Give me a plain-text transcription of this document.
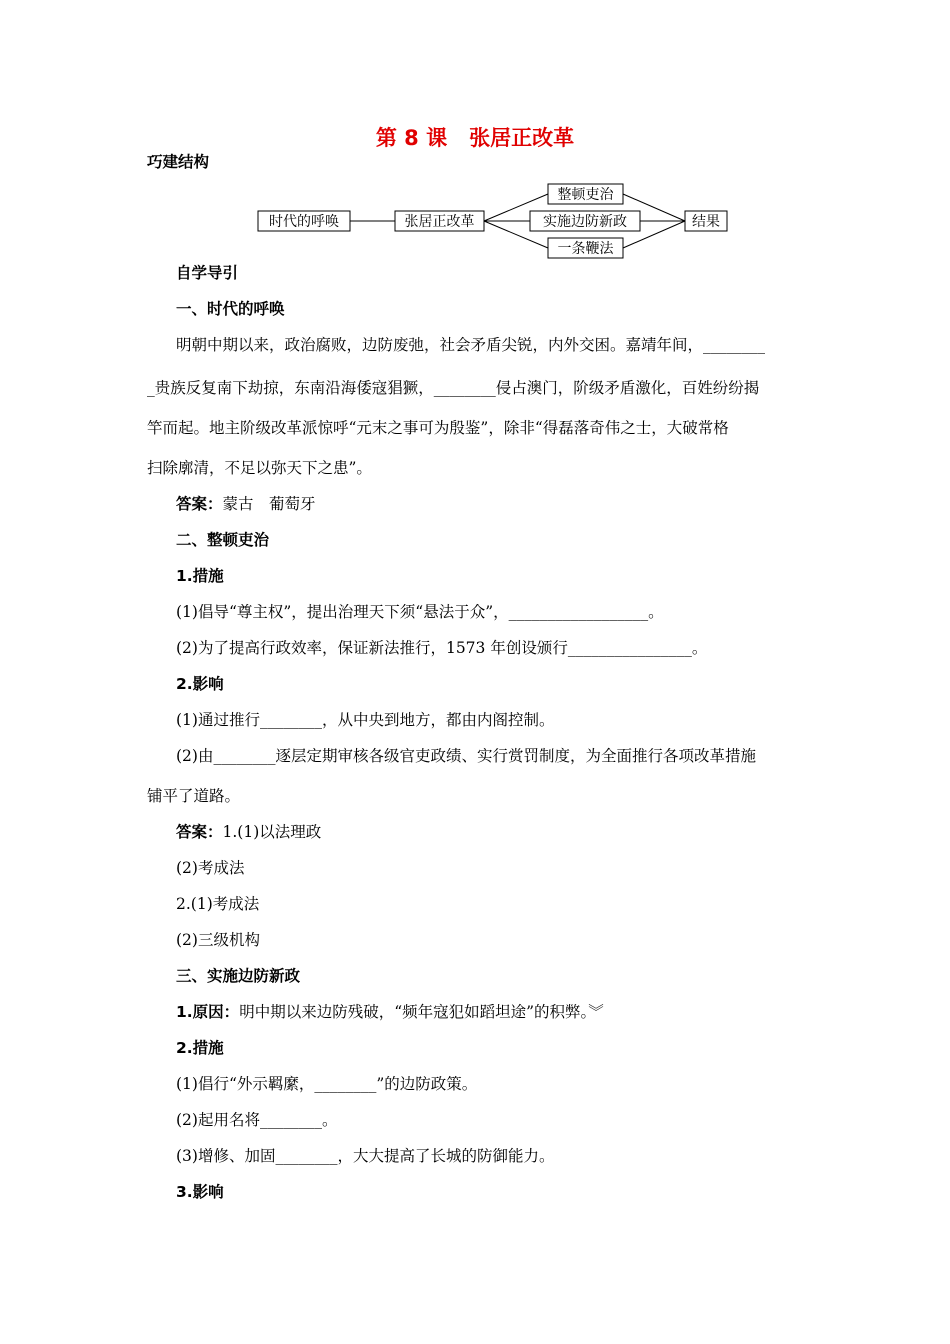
第 8 课 张居正改革
巧建结构
时代的呼唤	张居正改革
整顿吏治
实施边防新政
一条鞭法
结果
自学导引
一、时代的呼唤
明朝中期以来，政治腐败，边防废弛，社会矛盾尖锐，内外交困。嘉靖年间，________
_贵族反复南下劫掠，东南沿海倭寇猖獗，________侵占澳门，阶级矛盾激化，百姓纷纷揭
竿而起。地主阶级改革派惊呼“元末之事可为殷鉴”，除非“得磊落奇伟之士，大破常格
扫除廓清，不足以弥天下之患”。
答案：蒙古　葡萄牙
二、整顿吏治
1.措施
(1)倡导“尊主权”，提出治理天下须“悬法于众”，__________________。
(2)为了提高行政效率，保证新法推行，1573 年创设颁行________________。
2.影响
(1)通过推行________，从中央到地方，都由内阁控制。
(2)由________逐层定期审核各级官吏政绩、实行赏罚制度，为全面推行各项改革措施
铺平了道路。
答案：1.(1)以法理政
(2)考成法
2.(1)考成法
(2)三级机构
三、实施边防新政
1.原因：明中期以来边防残破，“频年寇犯如蹈坦途”的积弊。︾
2.措施
(1)倡行“外示羁縻，________”的边防政策。
(2)起用名将________。
(3)增修、加固________，大大提高了长城的防御能力。
3.影响
